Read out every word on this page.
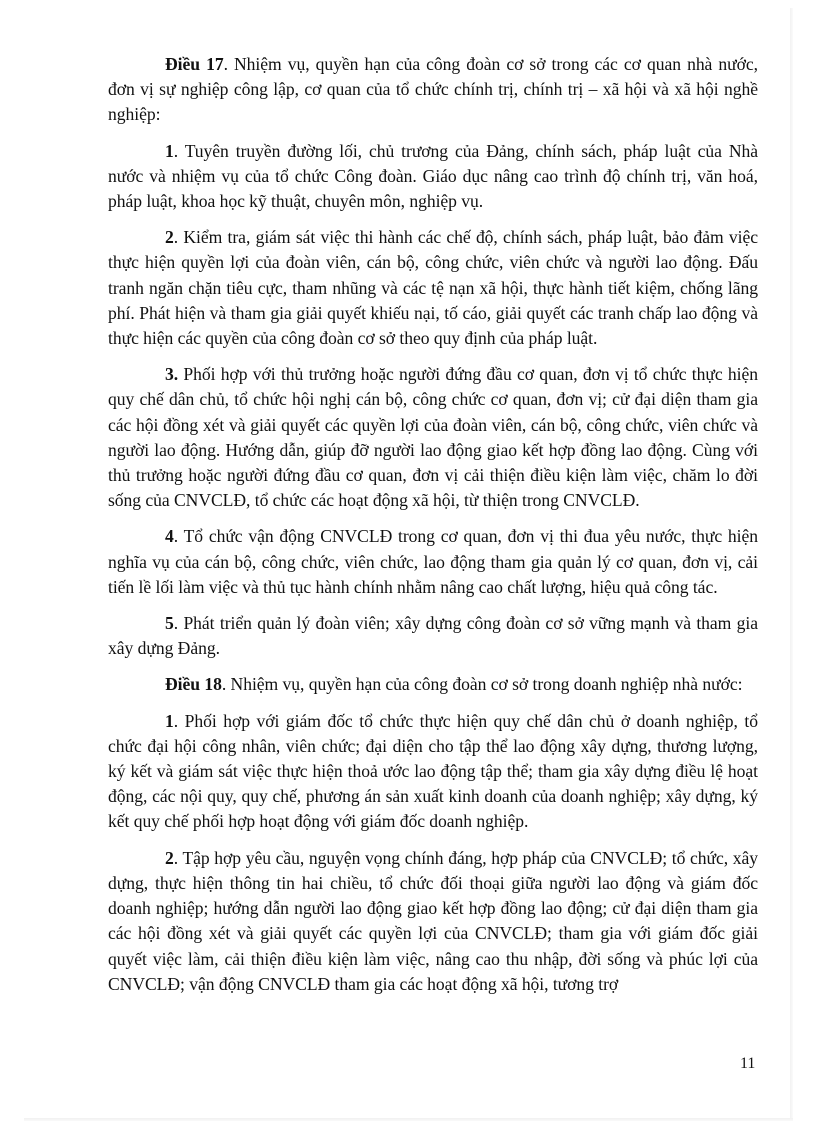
Điều 17. Nhiệm vụ, quyền hạn của công đoàn cơ sở trong các cơ quan nhà nước, đơn vị sự nghiệp công lập, cơ quan của tổ chức chính trị, chính trị – xã hội và xã hội nghề nghiệp:

1. Tuyên truyền đường lối, chủ trương của Đảng, chính sách, pháp luật của Nhà nước và nhiệm vụ của tổ chức Công đoàn. Giáo dục nâng cao trình độ chính trị, văn hoá, pháp luật, khoa học kỹ thuật, chuyên môn, nghiệp vụ.

2. Kiểm tra, giám sát việc thi hành các chế độ, chính sách, pháp luật, bảo đảm việc thực hiện quyền lợi của đoàn viên, cán bộ, công chức, viên chức và người lao động. Đấu tranh ngăn chặn tiêu cực, tham nhũng và các tệ nạn xã hội, thực hành tiết kiệm, chống lãng phí. Phát hiện và tham gia giải quyết khiếu nại, tố cáo, giải quyết các tranh chấp lao động và thực hiện các quyền của công đoàn cơ sở theo quy định của pháp luật.

3. Phối hợp với thủ trưởng hoặc người đứng đầu cơ quan, đơn vị tổ chức thực hiện quy chế dân chủ, tổ chức hội nghị cán bộ, công chức cơ quan, đơn vị; cử đại diện tham gia các hội đồng xét và giải quyết các quyền lợi của đoàn viên, cán bộ, công chức, viên chức và người lao động. Hướng dẫn, giúp đỡ người lao động giao kết hợp đồng lao động. Cùng với thủ trưởng hoặc người đứng đầu cơ quan, đơn vị cải thiện điều kiện làm việc, chăm lo đời sống của CNVCLĐ, tổ chức các hoạt động xã hội, từ thiện trong CNVCLĐ.

4. Tổ chức vận động CNVCLĐ trong cơ quan, đơn vị thi đua yêu nước, thực hiện nghĩa vụ của cán bộ, công chức, viên chức, lao động tham gia quản lý cơ quan, đơn vị, cải tiến lề lối làm việc và thủ tục hành chính nhằm nâng cao chất lượng, hiệu quả công tác.

5. Phát triển quản lý đoàn viên; xây dựng công đoàn cơ sở vững mạnh và tham gia xây dựng Đảng.

Điều 18. Nhiệm vụ, quyền hạn của công đoàn cơ sở trong doanh nghiệp nhà nước:

1. Phối hợp với giám đốc tổ chức thực hiện quy chế dân chủ ở doanh nghiệp, tổ chức đại hội công nhân, viên chức; đại diện cho tập thể lao động xây dựng, thương lượng, ký kết và giám sát việc thực hiện thoả ước lao động tập thể; tham gia xây dựng điều lệ hoạt động, các nội quy, quy chế, phương án sản xuất kinh doanh của doanh nghiệp; xây dựng, ký kết quy chế phối hợp hoạt động với giám đốc doanh nghiệp.

2. Tập hợp yêu cầu, nguyện vọng chính đáng, hợp pháp của CNVCLĐ; tổ chức, xây dựng, thực hiện thông tin hai chiều, tổ chức đối thoại giữa người lao động và giám đốc doanh nghiệp; hướng dẫn người lao động giao kết hợp đồng lao động; cử đại diện tham gia các hội đồng xét và giải quyết các quyền lợi của CNVCLĐ; tham gia với giám đốc giải quyết việc làm, cải thiện điều kiện làm việc, nâng cao thu nhập, đời sống và phúc lợi của CNVCLĐ; vận động CNVCLĐ tham gia các hoạt động xã hội, tương trợ

11
